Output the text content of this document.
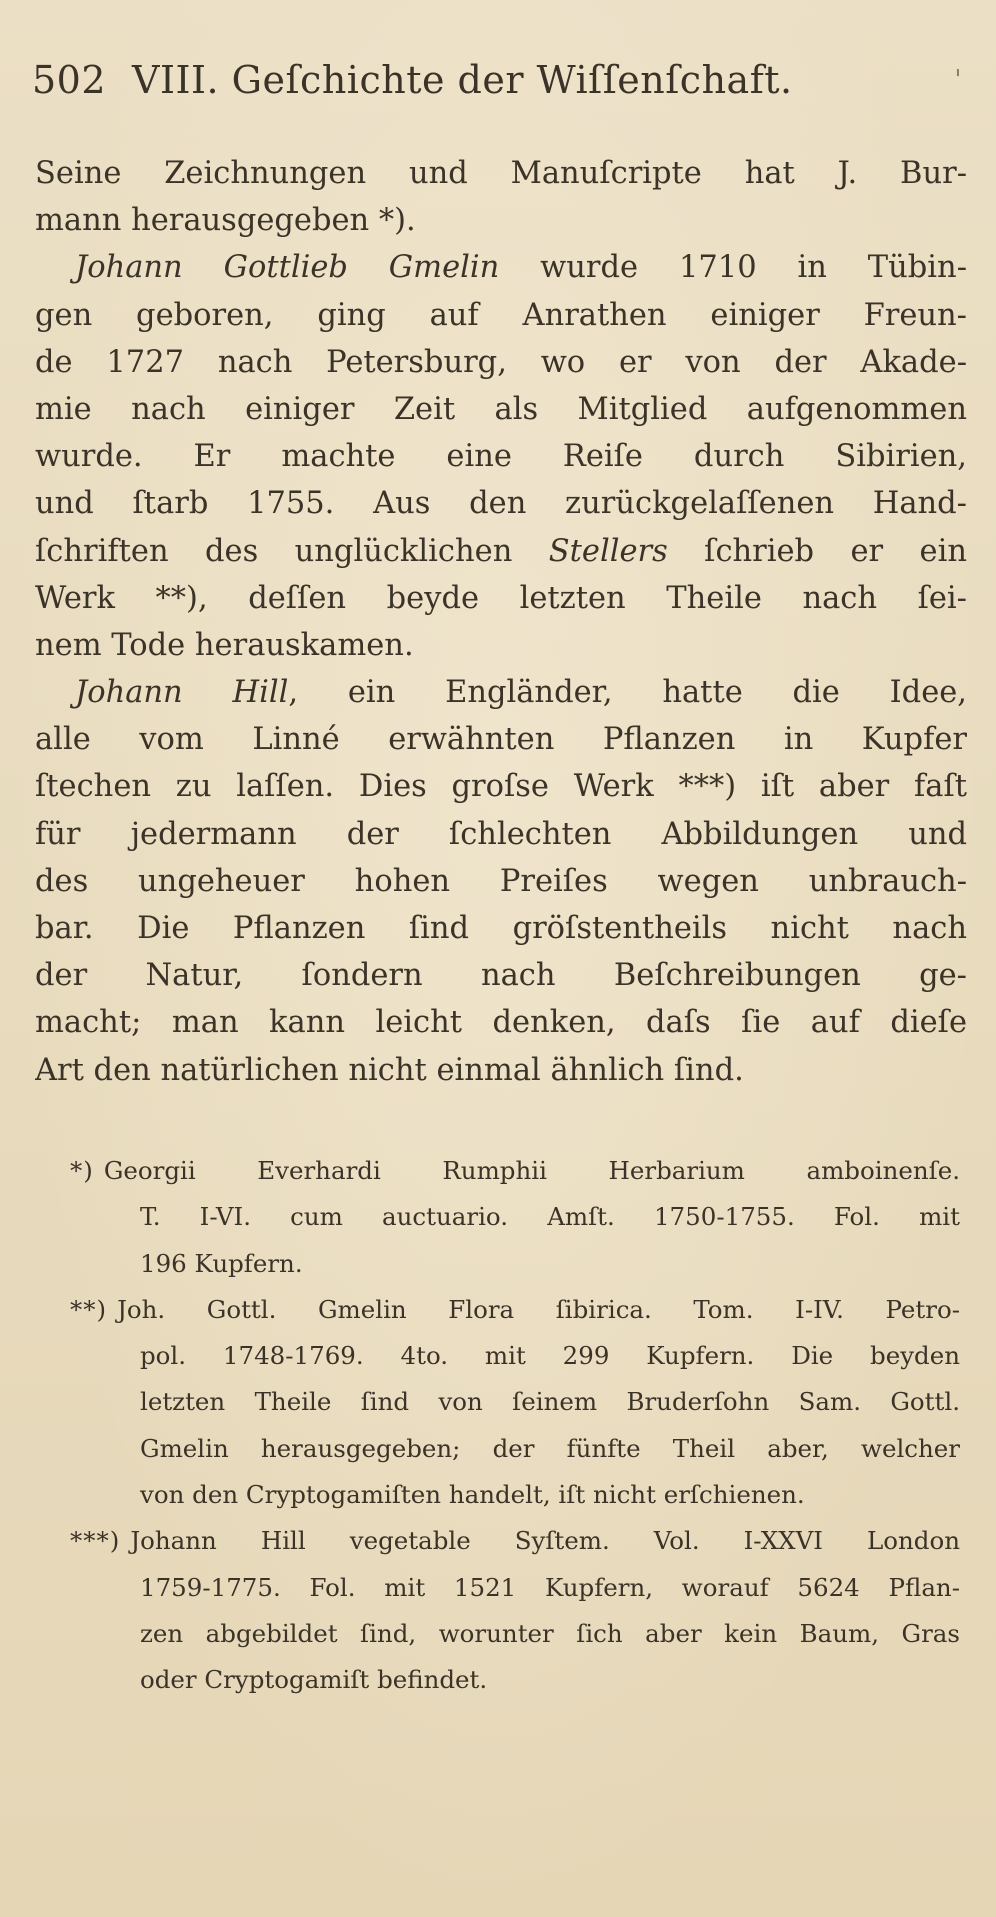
502 VIII. Geſchichte der Wiſſenſchaft.	'
Seine Zeichnungen und Manuſcripte hat J. Bur-
mann herausgegeben *).
Johann Gottlieb Gmelin wurde 1710 in Tübin-
gen geboren, ging auf Anrathen einiger Freun-
de 1727 nach Petersburg, wo er von der Akade-
mie nach einiger Zeit als Mitglied aufgenommen
wurde. Er machte eine Reiſe durch Sibirien,
und ſtarb 1755. Aus den zurückgelaſſenen Hand-
ſchriften des unglücklichen Stellers ſchrieb er ein
Werk **), deſſen beyde letzten Theile nach ſei-
nem Tode herauskamen.
Johann Hill, ein Engländer, hatte die Idee,
alle vom Linné erwähnten Pflanzen in Kupfer
ſtechen zu laſſen. Dies groſse Werk ***) iſt aber faſt
für jedermann der ſchlechten Abbildungen und
des ungeheuer hohen Preiſes wegen unbrauch-
bar. Die Pflanzen ſind gröſstentheils nicht nach
der Natur, ſondern nach Beſchreibungen ge-
macht; man kann leicht denken, daſs ſie auf dieſe
Art den natürlichen nicht einmal ähnlich ſind.
*) Georgii Everhardi Rumphii Herbarium amboinenſe.
T. I-VI. cum auctuario. Amſt. 1750-1755. Fol. mit
196 Kupfern.
**) Joh. Gottl. Gmelin Flora ſibirica. Tom. I-IV. Petro-
pol. 1748-1769. 4to. mit 299 Kupfern. Die beyden
letzten Theile ſind von ſeinem Bruderſohn Sam. Gottl.
Gmelin herausgegeben; der fünfte Theil aber, welcher
von den Cryptogamiſten handelt, iſt nicht erſchienen.
***) Johann Hill vegetable Syſtem. Vol. I-XXVI London
1759-1775. Fol. mit 1521 Kupfern, worauf 5624 Pflan-
zen abgebildet ſind, worunter ſich aber kein Baum, Gras
oder Cryptogamiſt befindet.
